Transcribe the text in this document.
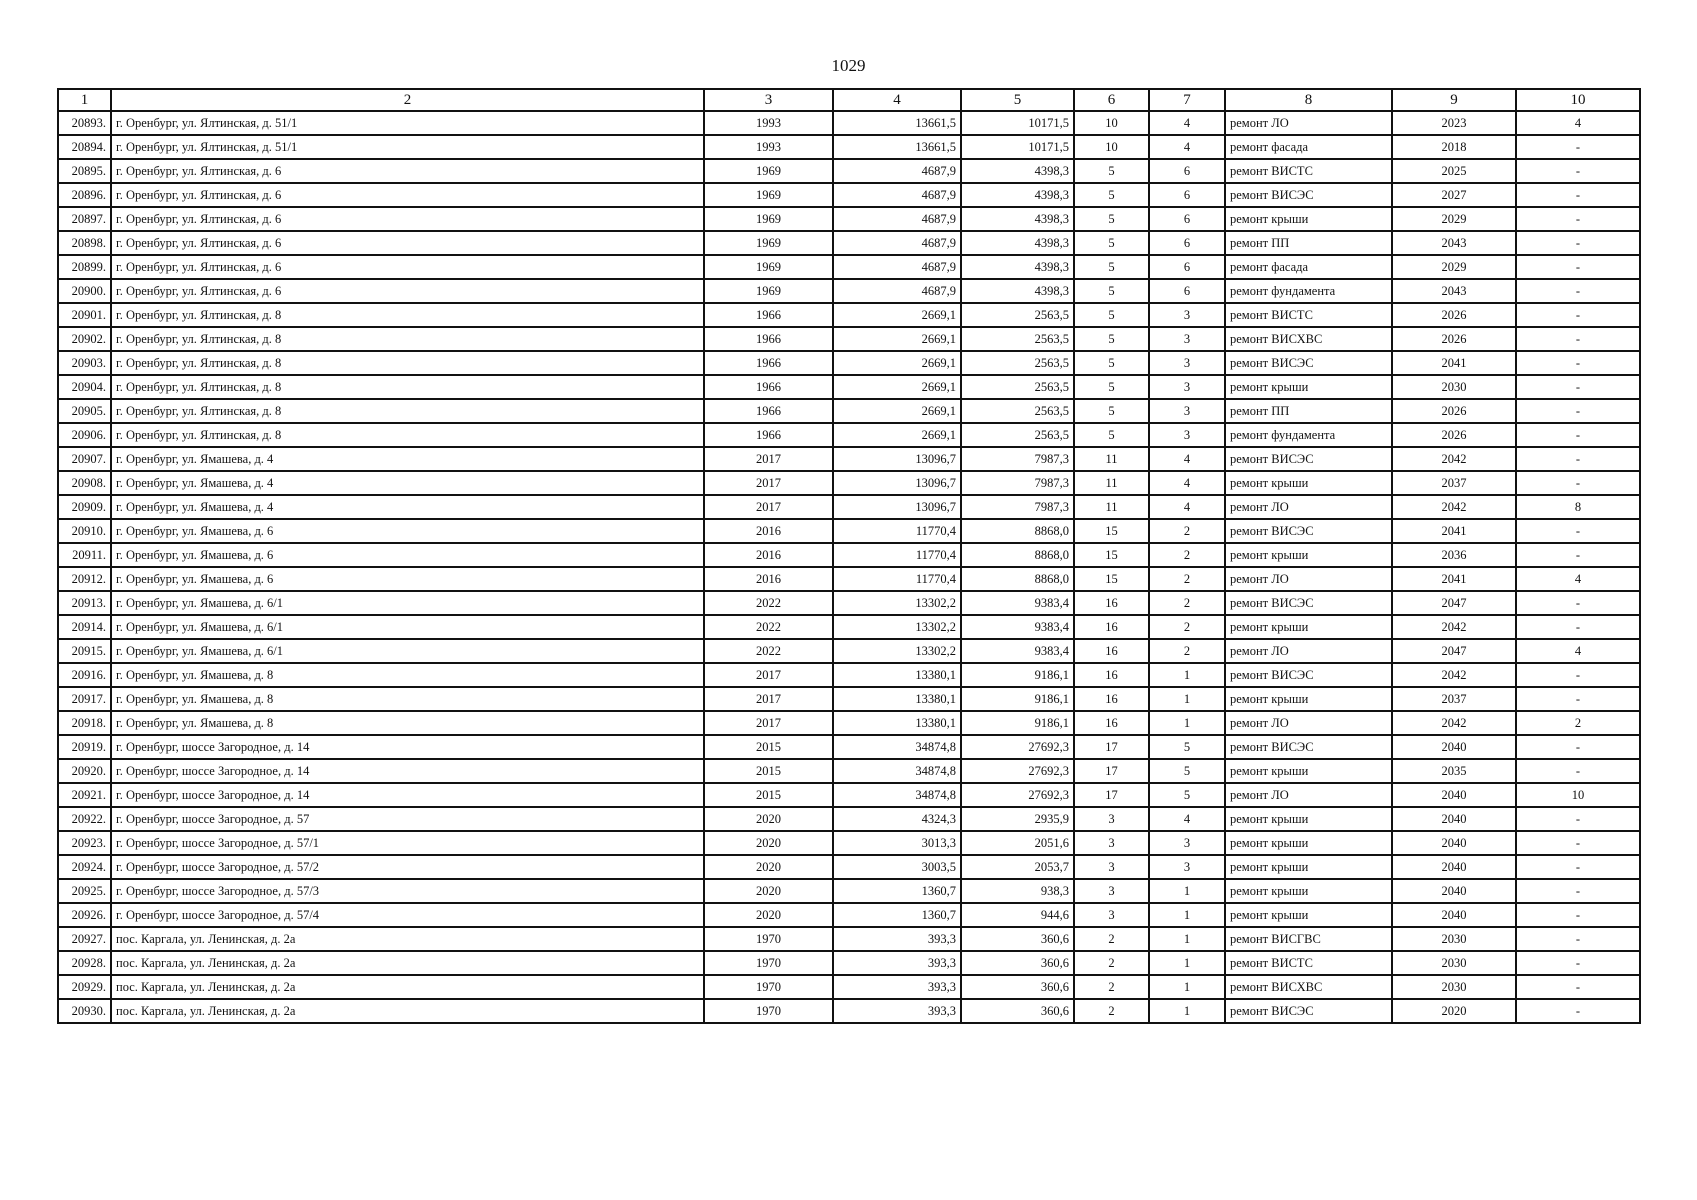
1029
1	2	3	4	5	6	7	8	9	10
20893.	г. Оренбург, ул. Ялтинская, д. 51/1	1993	13661,5	10171,5	10	4	ремонт ЛО	2023	4
20894.	г. Оренбург, ул. Ялтинская, д. 51/1	1993	13661,5	10171,5	10	4	ремонт фасада	2018	-
20895.	г. Оренбург, ул. Ялтинская, д. 6	1969	4687,9	4398,3	5	6	ремонт ВИСТС	2025	-
20896.	г. Оренбург, ул. Ялтинская, д. 6	1969	4687,9	4398,3	5	6	ремонт ВИСЭС	2027	-
20897.	г. Оренбург, ул. Ялтинская, д. 6	1969	4687,9	4398,3	5	6	ремонт крыши	2029	-
20898.	г. Оренбург, ул. Ялтинская, д. 6	1969	4687,9	4398,3	5	6	ремонт ПП	2043	-
20899.	г. Оренбург, ул. Ялтинская, д. 6	1969	4687,9	4398,3	5	6	ремонт фасада	2029	-
20900.	г. Оренбург, ул. Ялтинская, д. 6	1969	4687,9	4398,3	5	6	ремонт фундамента	2043	-
20901.	г. Оренбург, ул. Ялтинская, д. 8	1966	2669,1	2563,5	5	3	ремонт ВИСТС	2026	-
20902.	г. Оренбург, ул. Ялтинская, д. 8	1966	2669,1	2563,5	5	3	ремонт ВИСХВС	2026	-
20903.	г. Оренбург, ул. Ялтинская, д. 8	1966	2669,1	2563,5	5	3	ремонт ВИСЭС	2041	-
20904.	г. Оренбург, ул. Ялтинская, д. 8	1966	2669,1	2563,5	5	3	ремонт крыши	2030	-
20905.	г. Оренбург, ул. Ялтинская, д. 8	1966	2669,1	2563,5	5	3	ремонт ПП	2026	-
20906.	г. Оренбург, ул. Ялтинская, д. 8	1966	2669,1	2563,5	5	3	ремонт фундамента	2026	-
20907.	г. Оренбург, ул. Ямашева, д. 4	2017	13096,7	7987,3	11	4	ремонт ВИСЭС	2042	-
20908.	г. Оренбург, ул. Ямашева, д. 4	2017	13096,7	7987,3	11	4	ремонт крыши	2037	-
20909.	г. Оренбург, ул. Ямашева, д. 4	2017	13096,7	7987,3	11	4	ремонт ЛО	2042	8
20910.	г. Оренбург, ул. Ямашева, д. 6	2016	11770,4	8868,0	15	2	ремонт ВИСЭС	2041	-
20911.	г. Оренбург, ул. Ямашева, д. 6	2016	11770,4	8868,0	15	2	ремонт крыши	2036	-
20912.	г. Оренбург, ул. Ямашева, д. 6	2016	11770,4	8868,0	15	2	ремонт ЛО	2041	4
20913.	г. Оренбург, ул. Ямашева, д. 6/1	2022	13302,2	9383,4	16	2	ремонт ВИСЭС	2047	-
20914.	г. Оренбург, ул. Ямашева, д. 6/1	2022	13302,2	9383,4	16	2	ремонт крыши	2042	-
20915.	г. Оренбург, ул. Ямашева, д. 6/1	2022	13302,2	9383,4	16	2	ремонт ЛО	2047	4
20916.	г. Оренбург, ул. Ямашева, д. 8	2017	13380,1	9186,1	16	1	ремонт ВИСЭС	2042	-
20917.	г. Оренбург, ул. Ямашева, д. 8	2017	13380,1	9186,1	16	1	ремонт крыши	2037	-
20918.	г. Оренбург, ул. Ямашева, д. 8	2017	13380,1	9186,1	16	1	ремонт ЛО	2042	2
20919.	г. Оренбург, шоссе Загородное, д. 14	2015	34874,8	27692,3	17	5	ремонт ВИСЭС	2040	-
20920.	г. Оренбург, шоссе Загородное, д. 14	2015	34874,8	27692,3	17	5	ремонт крыши	2035	-
20921.	г. Оренбург, шоссе Загородное, д. 14	2015	34874,8	27692,3	17	5	ремонт ЛО	2040	10
20922.	г. Оренбург, шоссе Загородное, д. 57	2020	4324,3	2935,9	3	4	ремонт крыши	2040	-
20923.	г. Оренбург, шоссе Загородное, д. 57/1	2020	3013,3	2051,6	3	3	ремонт крыши	2040	-
20924.	г. Оренбург, шоссе Загородное, д. 57/2	2020	3003,5	2053,7	3	3	ремонт крыши	2040	-
20925.	г. Оренбург, шоссе Загородное, д. 57/3	2020	1360,7	938,3	3	1	ремонт крыши	2040	-
20926.	г. Оренбург, шоссе Загородное, д. 57/4	2020	1360,7	944,6	3	1	ремонт крыши	2040	-
20927.	пос. Каргала, ул. Ленинская, д. 2а	1970	393,3	360,6	2	1	ремонт ВИСГВС	2030	-
20928.	пос. Каргала, ул. Ленинская, д. 2а	1970	393,3	360,6	2	1	ремонт ВИСТС	2030	-
20929.	пос. Каргала, ул. Ленинская, д. 2а	1970	393,3	360,6	2	1	ремонт ВИСХВС	2030	-
20930.	пос. Каргала, ул. Ленинская, д. 2а	1970	393,3	360,6	2	1	ремонт ВИСЭС	2020	-
